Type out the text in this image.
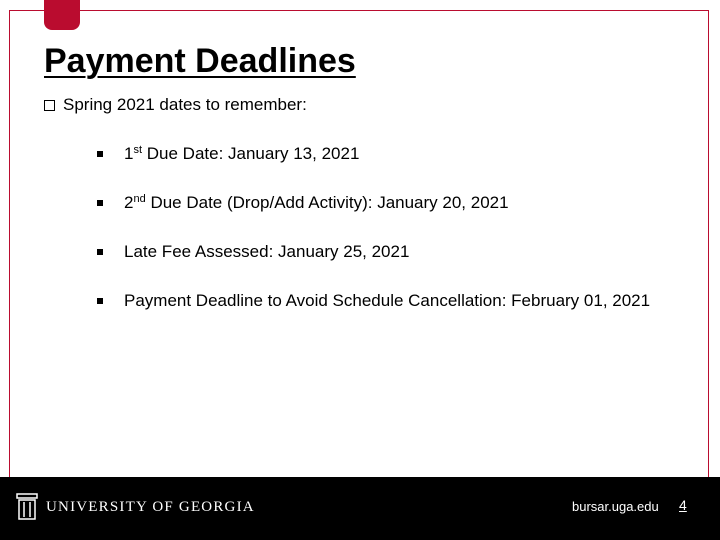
Payment Deadlines
Spring 2021 dates to remember:
1st Due Date: January 13, 2021
2nd Due Date (Drop/Add Activity): January 20, 2021
Late Fee Assessed: January 25, 2021
Payment Deadline to Avoid Schedule Cancellation: February 01, 2021
UNIVERSITY OF GEORGIA	bursar.uga.edu 4
